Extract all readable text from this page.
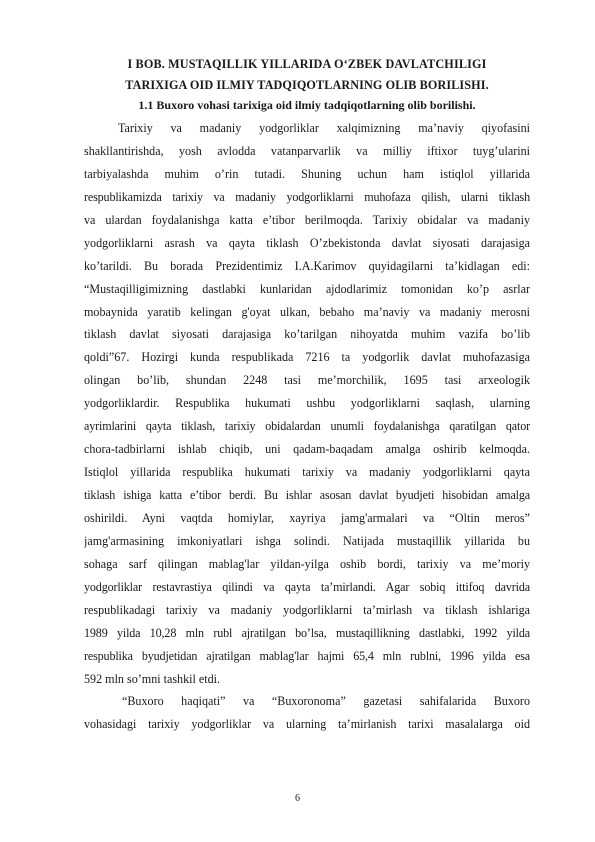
I BOB. MUSTAQILLIK YILLARIDA O‘ZBEK DAVLATCHILIGI
TARIXIGA OID ILMIY TADQIQOTLARNING OLIB BORILISHI.
1.1 Buxoro vohasi tarixiga oid ilmiy tadqiqotlarning olib borilishi.
Tarixiy va madaniy yodgorliklar xalqimizning ma’naviy qiyofasini
shakllantirishda, yosh avlodda vatanparvarlik va milliy iftixor tuyg’ularini
tarbiyalashda muhim o’rin tutadi. Shuning uchun ham istiqlol yillarida
respublikamizda tarixiy va madaniy yodgorliklarni muhofaza qilish, ularni tiklash
va ulardan foydalanishga katta e’tibor berilmoqda. Tarixiy obidalar va madaniy
yodgorliklarni asrash va qayta tiklash O’zbekistonda davlat siyosati darajasiga
ko’tarildi. Bu borada Prezidentimiz I.A.Karimov quyidagilarni ta’kidlagan edi:
“Mustaqilligimizning dastlabki kunlaridan ajdodlarimiz tomonidan ko’p asrlar
mobaynida yaratib kelingan g'oyat ulkan, bebaho ma’naviy va madaniy merosni
tiklash davlat siyosati darajasiga ko’tarilgan nihoyatda muhim vazifa bo’lib
qoldi”67. Hozirgi kunda respublikada 7216 ta yodgorlik davlat muhofazasiga
olingan bo’lib, shundan 2248 tasi me’morchilik, 1695 tasi arxeologik
yodgorliklardir. Respublika hukumati ushbu yodgorliklarni saqlash, ularning
ayrimlarini qayta tiklash, tarixiy obidalardan unumli foydalanishga qaratilgan qator
chora-tadbirlarni ishlab chiqib, uni qadam-baqadam amalga oshirib kelmoqda.
Istiqlol yillarida respublika hukumati tarixiy va madaniy yodgorliklarni qayta
tiklash ishiga katta e’tibor berdi. Bu ishlar asosan davlat byudjeti hisobidan amalga
oshirildi. Ayni vaqtda homiylar, xayriya jamg'armalari va “Oltin meros”
jamg'armasining imkoniyatlari ishga solindi. Natijada mustaqillik yillarida bu
sohaga sarf qilingan mablag'lar yildan-yilga oshib bordi, tarixiy va me’moriy
yodgorliklar restavrastiya qilindi va qayta ta’mirlandi. Agar sobiq ittifoq davrida
respublikadagi tarixiy va madaniy yodgorliklarni ta’mirlash va tiklash ishlariga
1989 yilda 10,28 mln rubl ajratilgan bo’lsa, mustaqillikning dastlabki, 1992 yilda
respublika byudjetidan ajratilgan mablag'lar hajmi 65,4 mln rublni, 1996 yilda esa
592 mln so’mni tashkil etdi.
“Buxoro haqiqati” va “Buxoronoma” gazetasi sahifalarida Buxoro
vohasidagi tarixiy yodgorliklar va ularning ta’mirlanish tarixi masalalarga oid
6
